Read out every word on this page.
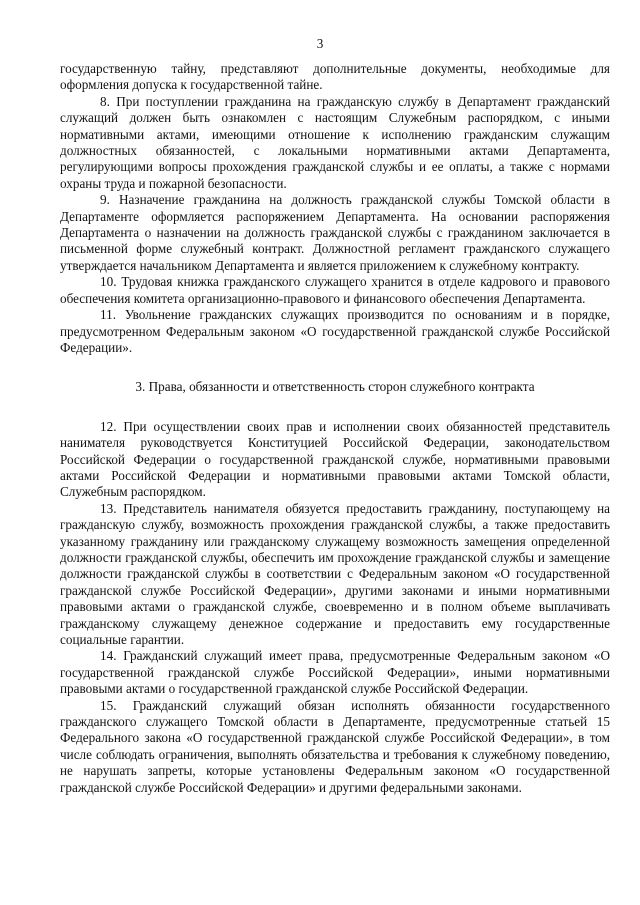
3

государственную тайну, представляют дополнительные документы, необходимые для оформления допуска к государственной тайне.

8. При поступлении гражданина на гражданскую службу в Департамент гражданский служащий должен быть ознакомлен с настоящим Служебным распорядком, с иными нормативными актами, имеющими отношение к исполнению гражданским служащим должностных обязанностей, с локальными нормативными актами Департамента, регулирующими вопросы прохождения гражданской службы и ее оплаты, а также с нормами охраны труда и пожарной безопасности.

9. Назначение гражданина на должность гражданской службы Томской области в Департаменте оформляется распоряжением Департамента. На основании распоряжения Департамента о назначении на должность гражданской службы с гражданином заключается в письменной форме служебный контракт. Должностной регламент гражданского служащего утверждается начальником Департамента и является приложением к служебному контракту.

10. Трудовая книжка гражданского служащего хранится в отделе кадрового и правового обеспечения комитета организационно-правового и финансового обеспечения Департамента.

11. Увольнение гражданских служащих производится по основаниям и в порядке, предусмотренном Федеральным законом «О государственной гражданской службе Российской Федерации».

3. Права, обязанности и ответственность сторон служебного контракта

12. При осуществлении своих прав и исполнении своих обязанностей представитель нанимателя руководствуется Конституцией Российской Федерации, законодательством Российской Федерации о государственной гражданской службе, нормативными правовыми актами Российской Федерации и нормативными правовыми актами Томской области, Служебным распорядком.

13. Представитель нанимателя обязуется предоставить гражданину, поступающему на гражданскую службу, возможность прохождения гражданской службы, а также предоставить указанному гражданину или гражданскому служащему возможность замещения определенной должности гражданской службы, обеспечить им прохождение гражданской службы и замещение должности гражданской службы в соответствии с Федеральным законом «О государственной гражданской службе Российской Федерации», другими законами и иными нормативными правовыми актами о гражданской службе, своевременно и в полном объеме выплачивать гражданскому служащему денежное содержание и предоставить ему государственные социальные гарантии.

14. Гражданский служащий имеет права, предусмотренные Федеральным законом «О государственной гражданской службе Российской Федерации», иными нормативными правовыми актами о государственной гражданской службе Российской Федерации.

15. Гражданский служащий обязан исполнять обязанности государственного гражданского служащего Томской области в Департаменте, предусмотренные статьей 15 Федерального закона «О государственной гражданской службе Российской Федерации», в том числе соблюдать ограничения, выполнять обязательства и требования к служебному поведению, не нарушать запреты, которые установлены Федеральным законом «О государственной гражданской службе Российской Федерации» и другими федеральными законами.
